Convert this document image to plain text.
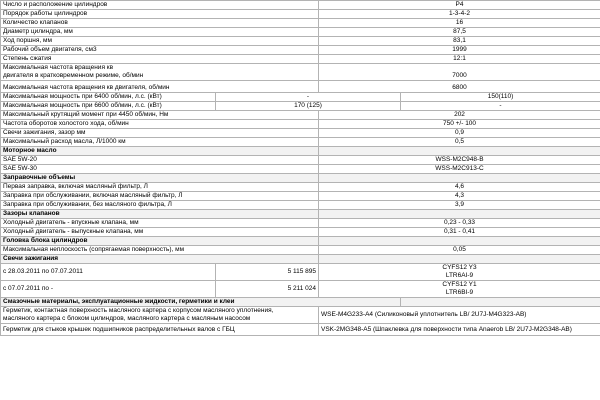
Число и расположение цилиндров		P4	
Порядок работы цилиндров		1-3-4-2	
Количество клапанов		16	
Диаметр цилиндра, мм		87,5	
Ход поршня, мм		83,1	
Рабочий объем двигателя, см3		1999	
Степень сжатия		12:1	

Максимальная частота вращения кв
двигателя в кратковременном режиме, об/мин		7000	
Максимальная частота вращения кв двигателя, об/мин		6800	
Максимальная мощность при 6400 об/мин, л.с. (кВт)	-		150(110)
Максимальная мощность при 6600 об/мин, л.с. (кВт)	170 (125)		-
Максимальный крутящий момент при 4450 об/мин, Нм		202	
Частота оборотов холостого хода, об/мин		750 +/- 100	
Свечи зажигания, зазор мм		0,9	
Максимальный расход масла, Л/1000 км		0,5	
Моторное масло			
SAE 5W-20		WSS-M2C948-B	
SAE 5W-30		WSS-M2C913-C	
Заправочные объемы			
Первая заправка, включая масляный фильтр, Л		4,6	
Заправка при обслуживании, включая масляный фильтр, Л		4,3	
Заправка при обслуживании, без масляного фильтра, Л		3,9	
Зазоры клапанов			
Холодный двигатель - впускные клапана, мм		0,23 - 0,33	
Холодный двигатель - выпускные клапана, мм		0,31 - 0,41	
Головка блока цилиндров			
Максимальная неплоскость (сопрягаемая поверхность), мм		0,05	
Свечи зажигания			
с 28.03.2011 по 07.07.2011	5 115 895	CYFS12 Y3
LTR6AI-9	

с 07.07.2011 по -	5 211 024	CYFS12 Y1
LTR6BI-9	

Смазочные материалы, эксплуатационные жидкости, герметики и клеи			

Герметик, контактная поверхность масляного картера с корпусом масляного уплотнения,
масляного картера с блоком цилиндров, масляного картера с масляным насосом		WSE-M4G233-A4 (Силиконовый уплотнитель LB/ 2U7J-M4G323-AB)	
Герметик для стыков крышек подшипников распределительных валов с ГБЦ		VSK-2MG348-A5 (Шпаклевка для поверхности типа Anaerob LB/ 2U7J-M2G348-AB)	
